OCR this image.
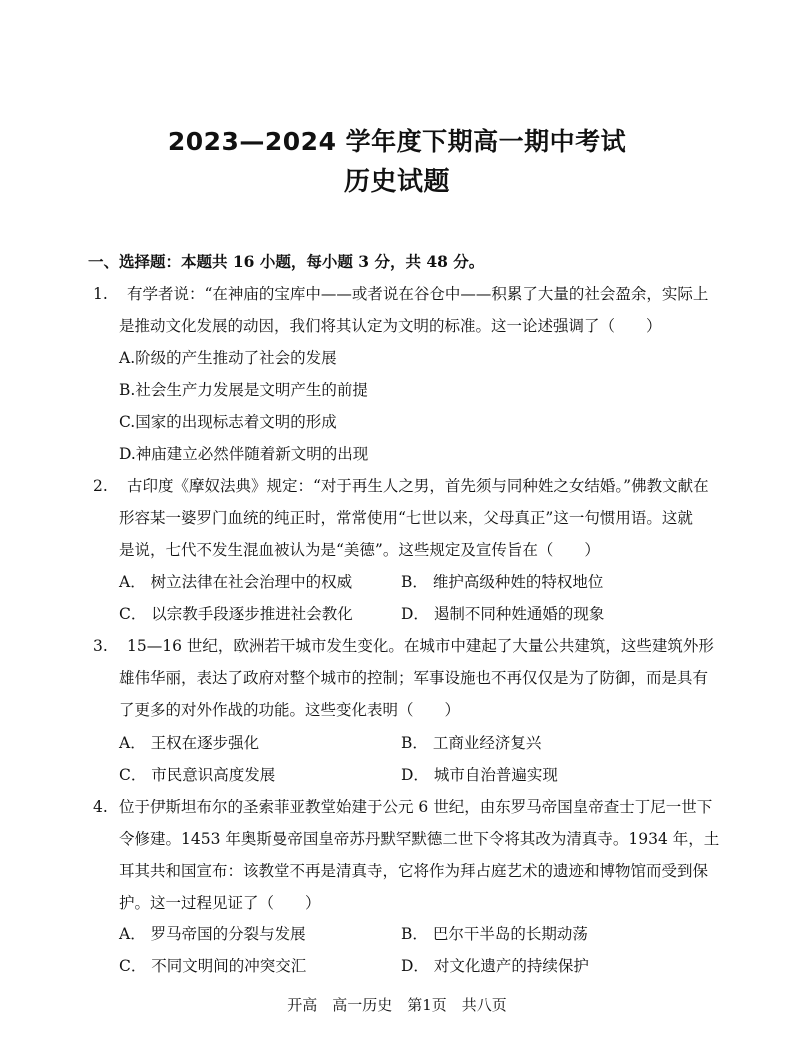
2023—2024 学年度下期高一期中考试
历史试题
一、选择题：本题共 16 小题，每小题 3 分，共 48 分。
1. 有学者说：“在神庙的宝库中——或者说在谷仓中——积累了大量的社会盈余，实际上
是推动文化发展的动因，我们将其认定为文明的标准。这一论述强调了（　　）
A.阶级的产生推动了社会的发展
B.社会生产力发展是文明产生的前提
C.国家的出现标志着文明的形成
D.神庙建立必然伴随着新文明的出现
2. 古印度《摩奴法典》规定：“对于再生人之男，首先须与同种姓之女结婚。”佛教文献在
形容某一婆罗门血统的纯正时，常常使用“七世以来，父母真正”这一句惯用语。这就
是说，七代不发生混血被认为是“美德”。这些规定及宣传旨在（　　）
A． 树立法律在社会治理中的权威	B． 维护高级种姓的特权地位
C． 以宗教手段逐步推进社会教化	D． 遏制不同种姓通婚的现象
3. 15—16 世纪，欧洲若干城市发生变化。在城市中建起了大量公共建筑，这些建筑外形
雄伟华丽，表达了政府对整个城市的控制；军事设施也不再仅仅是为了防御，而是具有
了更多的对外作战的功能。这些变化表明（　　）
A． 王权在逐步强化	B． 工商业经济复兴
C． 市民意识高度发展	D． 城市自治普遍实现
4. 位于伊斯坦布尔的圣索菲亚教堂始建于公元 6 世纪，由东罗马帝国皇帝查士丁尼一世下
令修建。1453 年奥斯曼帝国皇帝苏丹默罕默德二世下令将其改为清真寺。1934 年，土
耳其共和国宣布：该教堂不再是清真寺，它将作为拜占庭艺术的遗迹和博物馆而受到保
护。这一过程见证了（　　）
A． 罗马帝国的分裂与发展	B． 巴尔干半岛的长期动荡
C． 不同文明间的冲突交汇	D． 对文化遗产的持续保护
开高　高一历史　第1页　共八页
